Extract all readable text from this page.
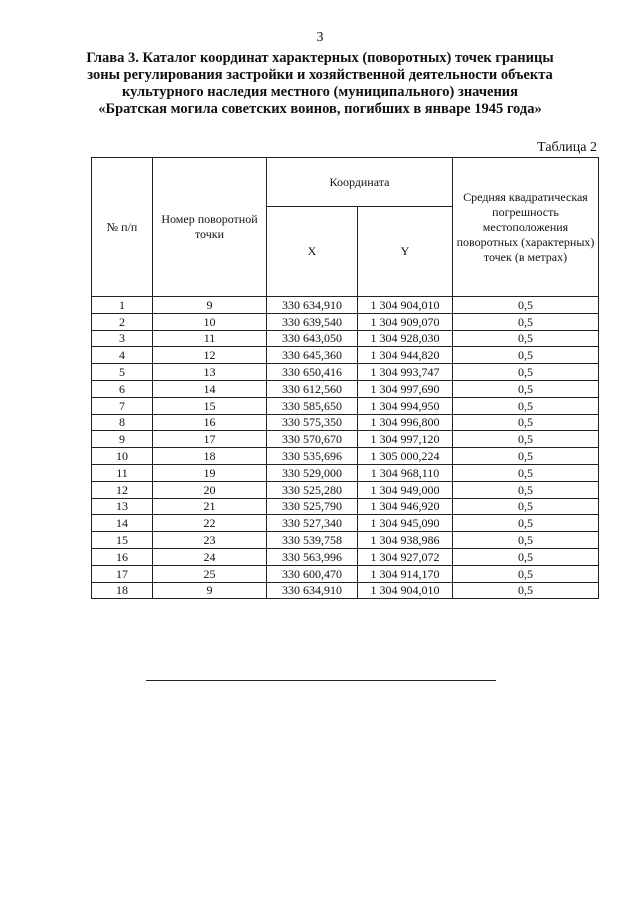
3
Глава 3. Каталог координат характерных (поворотных) точек границы
зоны регулирования застройки и хозяйственной деятельности объекта
культурного наследия местного (муниципального) значения
«Братская могила советских воинов, погибших в январе 1945 года»
Таблица 2
№ п/п	Номер поворотной точки	Координата		Средняя квадратическая погрешность местоположения поворотных (характерных) точек (в метрах)
		X	Y	
1	9	330 634,910	1 304 904,010	0,5
2	10	330 639,540	1 304 909,070	0,5
3	11	330 643,050	1 304 928,030	0,5
4	12	330 645,360	1 304 944,820	0,5
5	13	330 650,416	1 304 993,747	0,5
6	14	330 612,560	1 304 997,690	0,5
7	15	330 585,650	1 304 994,950	0,5
8	16	330 575,350	1 304 996,800	0,5
9	17	330 570,670	1 304 997,120	0,5
10	18	330 535,696	1 305 000,224	0,5
11	19	330 529,000	1 304 968,110	0,5
12	20	330 525,280	1 304 949,000	0,5
13	21	330 525,790	1 304 946,920	0,5
14	22	330 527,340	1 304 945,090	0,5
15	23	330 539,758	1 304 938,986	0,5
16	24	330 563,996	1 304 927,072	0,5
17	25	330 600,470	1 304 914,170	0,5
18	9	330 634,910	1 304 904,010	0,5
